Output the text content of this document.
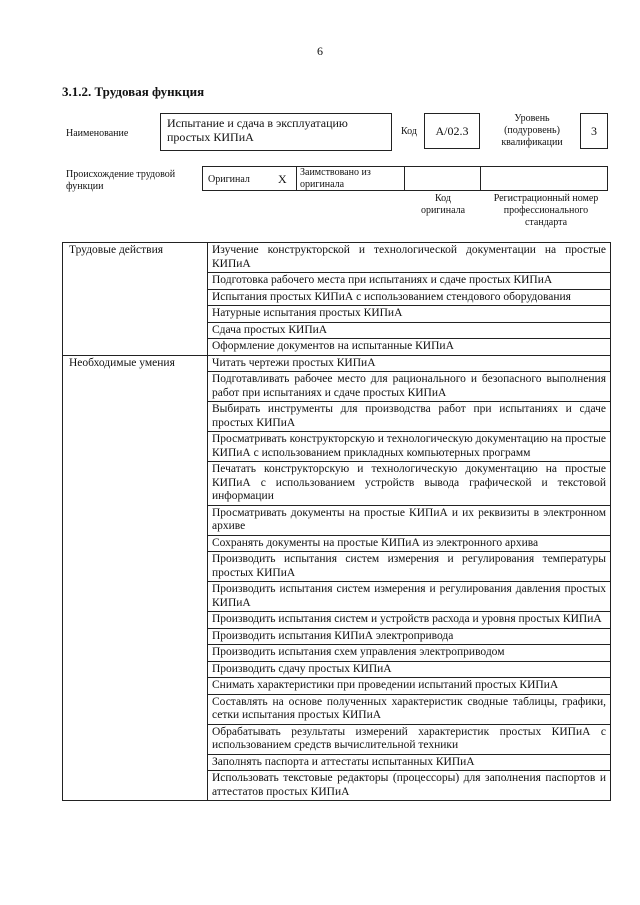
6
3.1.2. Трудовая функция
Наименование
Испытание и сдача в эксплуатацию простых КИПиА	Код	A/02.3
Уровень (подуровень) квалификации
3
Происхождение трудовой функции
Оригинал X Заимствовано из оригинала
Код оригинала
Регистрационный номер профессионального стандарта
Трудовые действия	Изучение конструкторской и технологической документации на простые КИПиА
	Подготовка рабочего места при испытаниях и сдаче простых КИПиА
	Испытания простых КИПиА с использованием стендового оборудования
	Натурные испытания простых КИПиА
	Сдача простых КИПиА
	Оформление документов на испытанные КИПиА
Необходимые умения	Читать чертежи простых КИПиА
	Подготавливать рабочее место для рационального и безопасного выполнения работ при испытаниях и сдаче простых КИПиА
	Выбирать инструменты для производства работ при испытаниях и сдаче простых КИПиА
	Просматривать конструкторскую и технологическую документацию на простые КИПиА с использованием прикладных компьютерных программ
	Печатать конструкторскую и технологическую документацию на простые КИПиА с использованием устройств вывода графической и текстовой информации
	Просматривать документы на простые КИПиА и их реквизиты в электронном архиве
	Сохранять документы на простые КИПиА из электронного архива
	Производить испытания систем измерения и регулирования температуры простых КИПиА
	Производить испытания систем измерения и регулирования давления простых КИПиА
	Производить испытания систем и устройств расхода и уровня простых КИПиА
	Производить испытания КИПиА электропривода
	Производить испытания схем управления электроприводом
	Производить сдачу простых КИПиА
	Снимать характеристики при проведении испытаний простых КИПиА
	Составлять на основе полученных характеристик сводные таблицы, графики, сетки испытания простых КИПиА
	Обрабатывать результаты измерений характеристик простых КИПиА с использованием средств вычислительной техники
	Заполнять паспорта и аттестаты испытанных КИПиА
	Использовать текстовые редакторы (процессоры) для заполнения паспортов и аттестатов простых КИПиА
